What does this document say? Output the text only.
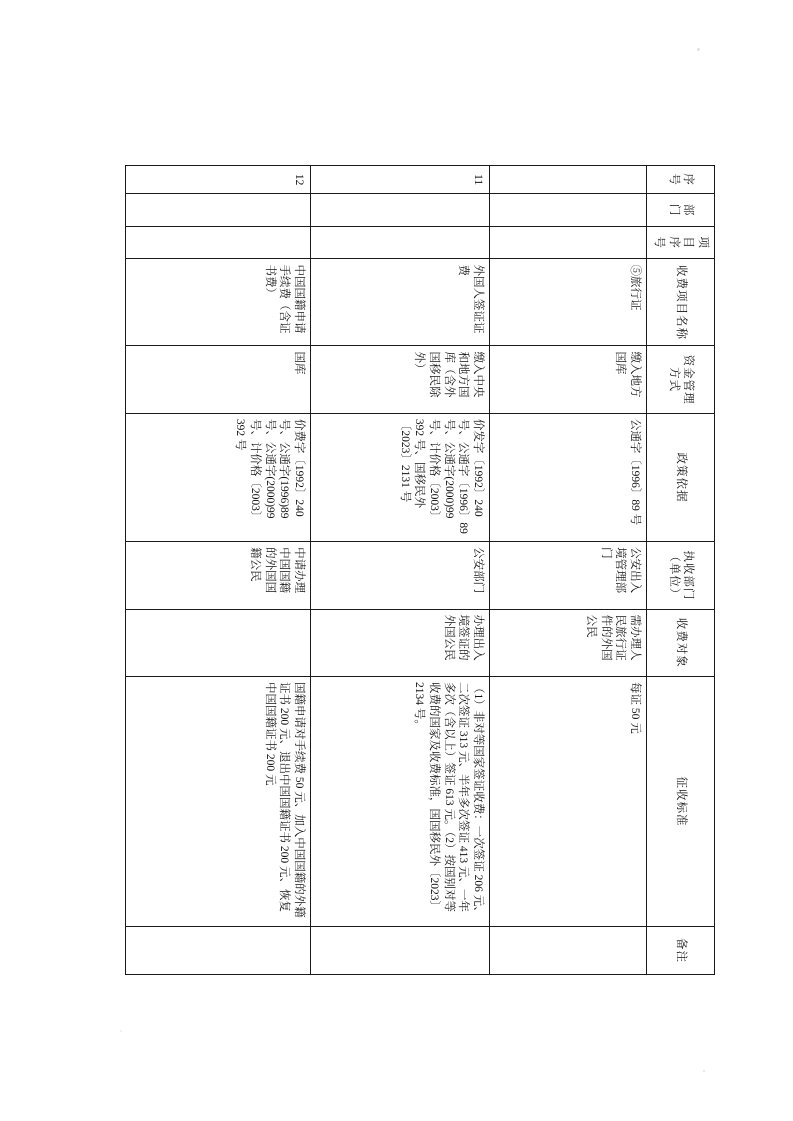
序号	部门	项目序号	收费项目名称	资金管理方式	政策依据	执收部门（单位）	收费对象	征收标准	备注
			⑤旅行证	缴入地方国库	公通字〔1996〕89 号	公安出入境管理部门	需办理人民旅行证件的外国公民	每证 50 元	
11			外国人签证证费	缴入中央和地方国库（含外国移民除外）	价发字〔1992〕240 号、公通字〔1996〕89 号、公通字(2000)99 号、计价格〔2003〕392 号、国移民外〔2023〕2131 号	公安部门	办理出入境签证的外国公民	（1）非对等国家签证收费：一次签证 206 元、二次签证 313 元、半年多次签证 413 元、一年多次（含以上）签证 613 元。（2）按国别对等收费的国家及收费标准，国国移民外〔2023〕2134 号。	
12			中国国籍申请手续费（含证书费）	国库	价费字〔1992〕240 号、公通字(1996)89 号、公通字(2000)99 号、计价格〔2003〕392 号	中请办理中国国籍的外国国籍公民		国籍申请对手续费 50 元、加入中国国籍的外籍证书 200 元、退出中国国籍证书 200 元、恢复中国国籍证书 200 元	
